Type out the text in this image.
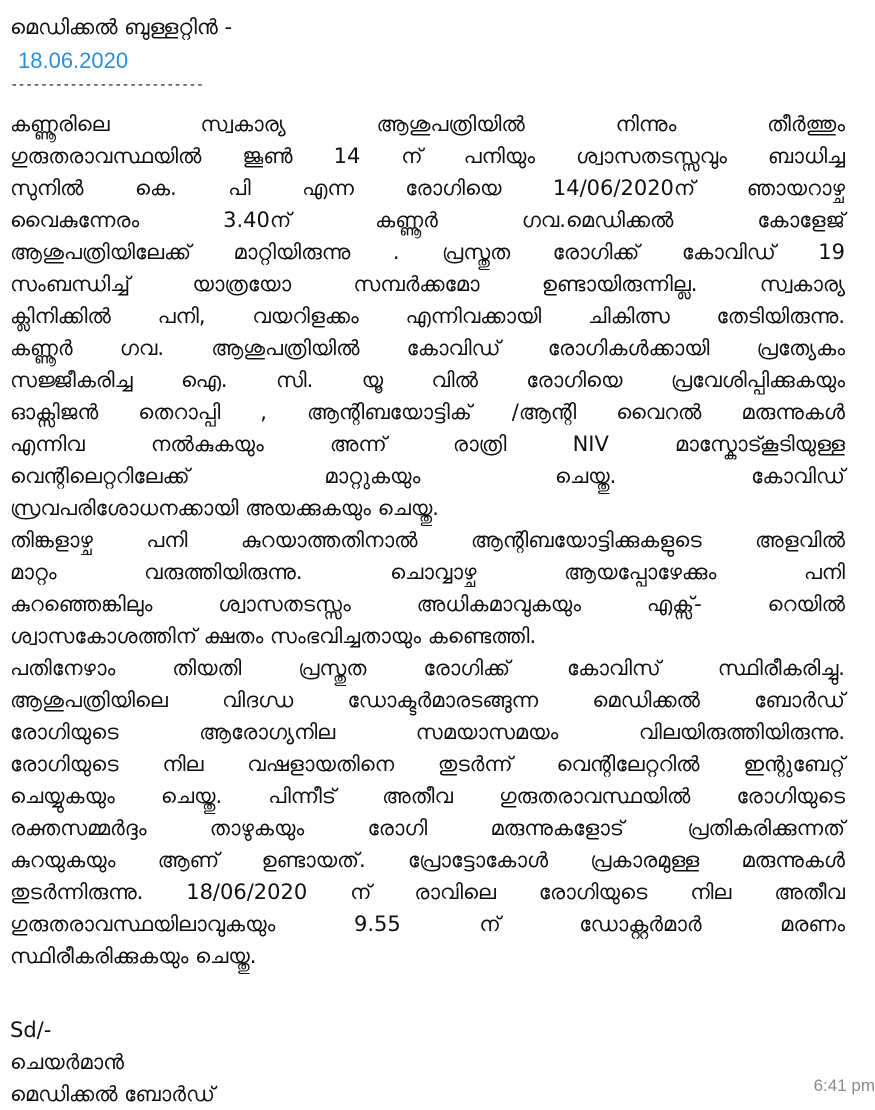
മെഡിക്കൽ ബുള്ളറ്റിൻ -
18.06.2020
--------------------------

കണ്ണൂരിലെ സ്വകാര്യ ആശുപത്രിയിൽ നിന്നും തീർത്തും

ഗുരുതരാവസ്ഥയിൽ ജൂൺ 14 ന് പനിയും ശ്വാസതടസ്സവും ബാധിച്ച

സുനിൽ കെ. പി എന്ന രോഗിയെ 14/06/2020ന് ഞായറാഴ്ച

വൈകുന്നേരം 3.40ന് കണ്ണൂർ ഗവ.മെഡിക്കൽ കോളേജ്

ആശുപത്രിയിലേക്ക് മാറ്റിയിരുന്നു . പ്രസ്തുത രോഗിക്ക് കോവിഡ് 19

സംബന്ധിച്ച് യാത്രയോ സമ്പർക്കമോ ഉണ്ടായിരുന്നില്ല. സ്വകാര്യ

ക്ലിനിക്കിൽ പനി, വയറിളക്കം എന്നിവക്കായി ചികിത്സ തേടിയിരുന്നു.

കണ്ണൂർ ഗവ. ആശുപത്രിയിൽ കോവിഡ് രോഗികൾക്കായി പ്രത്യേകം

സജ്ജീകരിച്ച ഐ. സി. യൂ വിൽ രോഗിയെ പ്രവേശിപ്പിക്കുകയും

ഓക്സിജൻ തെറാപ്പി , ആന്റിബയോട്ടിക് /ആന്റി വൈറൽ മരുന്നുകൾ

എന്നിവ നൽകുകയും അന്ന് രാത്രി NIV മാസ്കോട്കൂടിയുള്ള

വെന്റിലെറ്ററിലേക്ക് മാറ്റുകയും ചെയ്തു. കോവിഡ്

സ്രവപരിശോധനക്കായി അയക്കുകയും ചെയ്തു.

തിങ്കളാഴ്ച പനി കുറയാത്തതിനാൽ ആന്റിബയോട്ടിക്കുകളുടെ അളവിൽ

മാറ്റം വരുത്തിയിരുന്നു. ചൊവ്വാഴ്ച ആയപ്പോഴേക്കും പനി

കുറഞ്ഞെങ്കിലും ശ്വാസതടസ്സം അധികമാവുകയും എക്സ്- റെയിൽ

ശ്വാസകോശത്തിന് ക്ഷതം സംഭവിച്ചതായും കണ്ടെത്തി.

പതിനേഴാം തിയതി പ്രസ്തുത രോഗിക്ക് കോവിസ് സ്ഥിരീകരിച്ചു.

ആശുപത്രിയിലെ വിദഗ്ധ ഡോക്ടർമാരടങ്ങുന്ന മെഡിക്കൽ ബോർഡ്

രോഗിയുടെ ആരോഗ്യനില സമയാസമയം വിലയിരുത്തിയിരുന്നു.

രോഗിയുടെ നില വഷളായതിനെ തുടർന്ന് വെന്റിലേറ്ററിൽ ഇന്റുബേറ്റ്

ചെയ്യുകയും ചെയ്തു. പിന്നീട് അതീവ ഗുരുതരാവസ്ഥയിൽ രോഗിയുടെ

രക്തസമ്മർദ്ദം താഴുകയും രോഗി മരുന്നുകളോട് പ്രതികരിക്കുന്നത്

കുറയുകയും ആണ് ഉണ്ടായത്. പ്രോട്ടോകോൾ പ്രകാരമുള്ള മരുന്നുകൾ

തുടർന്നിരുന്നു. 18/06/2020 ന് രാവിലെ രോഗിയുടെ നില അതീവ

ഗുരുതരാവസ്ഥയിലാവുകയും 9.55 ന് ഡോക്റ്റർമാർ മരണം

സ്ഥിരീകരിക്കുകയും ചെയ്തു.

Sd/-
ചെയർമാൻ
മെഡിക്കൽ ബോർഡ്	6:41 pm
